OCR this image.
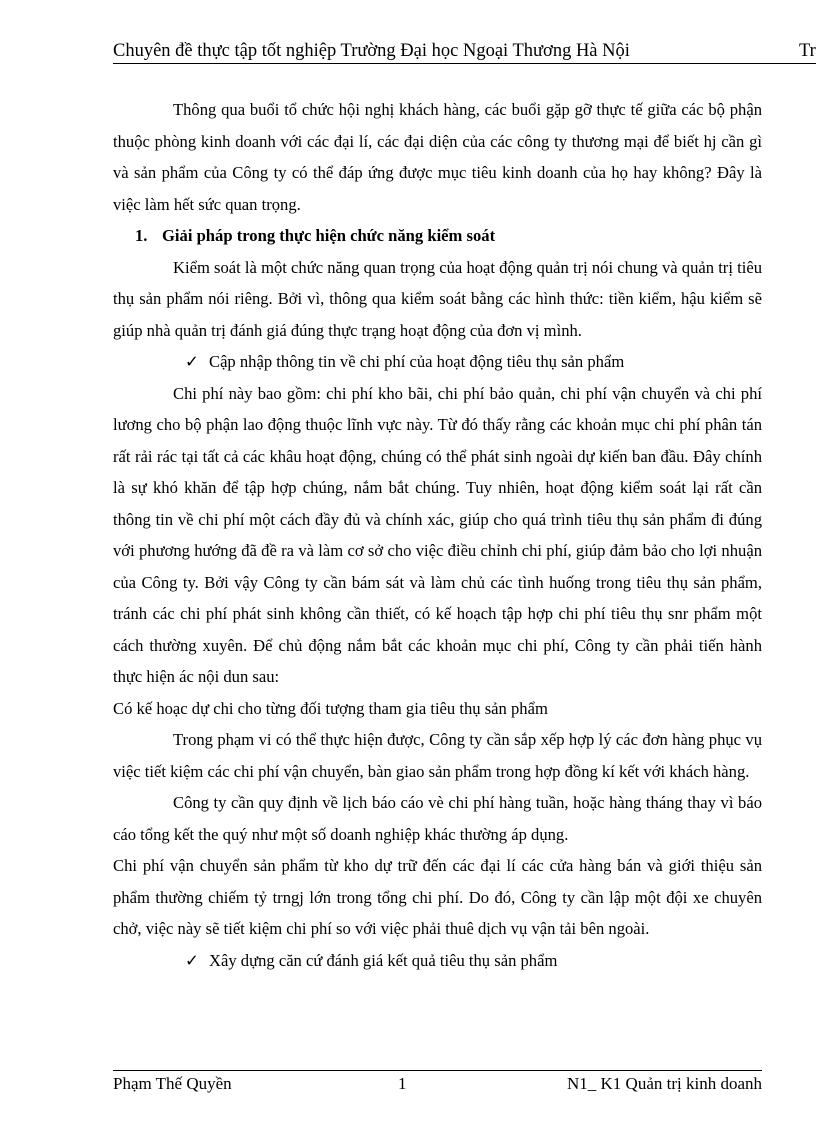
Chuyên đề thực tập tốt nghiệp Trường Đại học Ngoại Thương Hà Nội	Tr

Thông qua buổi tổ chức hội nghị khách hàng, các buổi gặp gỡ thực tế giữa các bộ phận thuộc phòng kinh doanh với các đại lí, các đại diện của các công ty thương mại để biết hj cần gì và sản phẩm của Công ty có thể đáp ứng được mục tiêu kinh doanh của họ hay không? Đây là việc làm hết sức quan trọng.

1. Giải pháp trong thực hiện chức năng kiểm soát

Kiểm soát là một chức năng quan trọng của hoạt động quản trị nói chung và quản trị tiêu thụ sản phẩm nói riêng. Bởi vì, thông qua kiểm soát bằng các hình thức: tiền kiểm, hậu kiểm sẽ giúp nhà quản trị đánh giá đúng thực trạng hoạt động của đơn vị mình.

✓ Cập nhập thông tin về chi phí của hoạt động tiêu thụ sản phẩm

Chi phí này bao gồm: chi phí kho bãi, chi phí bảo quản, chi phí vận chuyển và chi phí lương cho bộ phận lao động thuộc lĩnh vực này. Từ đó thấy rằng các khoản mục chi phí phân tán rất rải rác tại tất cả các khâu hoạt động, chúng có thể phát sinh ngoài dự kiến ban đầu. Đây chính là sự khó khăn để tập hợp chúng, nắm bắt chúng. Tuy nhiên, hoạt động kiểm soát lại rất cần thông tin về chi phí một cách đầy đủ và chính xác, giúp cho quá trình tiêu thụ sản phẩm đi đúng với phương hướng đã đề ra và làm cơ sở cho việc điều chỉnh chi phí, giúp đảm bảo cho lợi nhuận của Công ty. Bởi vậy Công ty cần bám sát và làm chủ các tình huống trong tiêu thụ sản phẩm, tránh các chi phí phát sinh không cần thiết, có kế hoạch tập hợp chi phí tiêu thụ snr phẩm một cách thường xuyên. Để chủ động nắm bắt các khoản mục chi phí, Công ty cần phải tiến hành thực hiện ác nội dun sau:

Có kế hoạc dự chi cho từng đối tượng tham gia tiêu thụ sản phẩm

Trong phạm vi có thể thực hiện được, Công ty cần sắp xếp hợp lý các đơn hàng phục vụ việc tiết kiệm các chi phí vận chuyển, bàn giao sản phẩm trong hợp đồng kí kết với khách hàng.

Công ty cần quy định về lịch báo cáo vè chi phí hàng tuần, hoặc hàng tháng thay vì báo cáo tổng kết the quý như một số doanh nghiệp khác thường áp dụng.

Chi phí vận chuyển sản phẩm từ kho dự trữ đến các đại lí các cửa hàng bán và giới thiệu sản phẩm thường chiếm tỷ trngj lớn trong tổng chi phí. Do đó, Công ty cần lập một đội xe chuyên chở, việc này sẽ tiết kiệm chi phí so với việc phải thuê dịch vụ vận tải bên ngoài.

✓ Xây dựng căn cứ đánh giá kết quả tiêu thụ sản phẩm

Phạm Thế Quyền	1	N1_ K1 Quản trị kinh doanh
